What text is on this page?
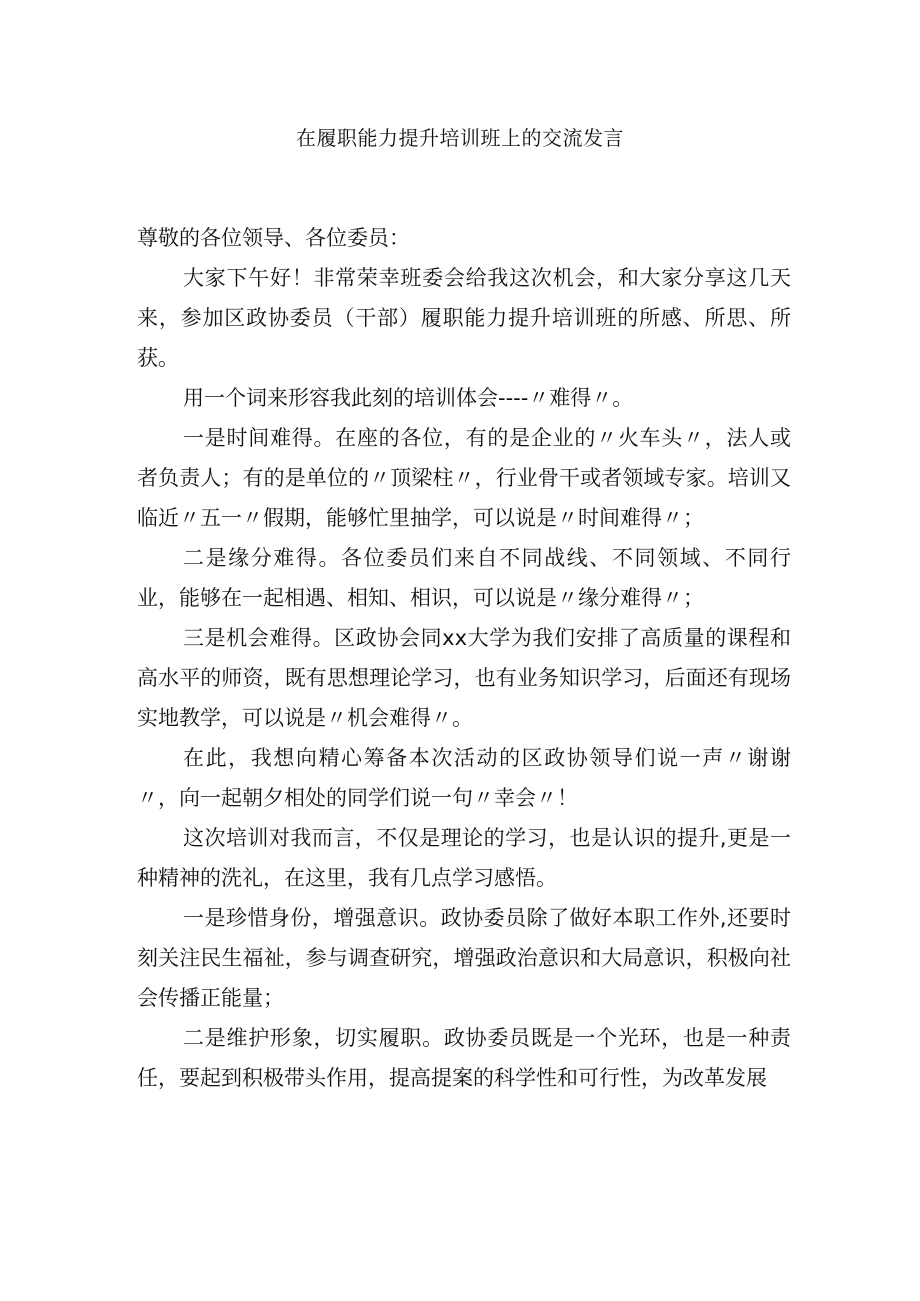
在履职能力提升培训班上的交流发言

尊敬的各位领导、各位委员：

大家下午好！非常荣幸班委会给我这次机会，和大家分享这几天来，参加区政协委员（干部）履职能力提升培训班的所感、所思、所获。

用一个词来形容我此刻的培训体会----〃难得〃。

一是时间难得。在座的各位，有的是企业的〃火车头〃，法人或者负责人；有的是单位的〃顶梁柱〃，行业骨干或者领域专家。培训又临近〃五一〃假期，能够忙里抽学，可以说是〃时间难得〃；

二是缘分难得。各位委员们来自不同战线、不同领域、不同行业，能够在一起相遇、相知、相识，可以说是〃缘分难得〃；

三是机会难得。区政协会同xx大学为我们安排了高质量的课程和高水平的师资，既有思想理论学习，也有业务知识学习，后面还有现场实地教学，可以说是〃机会难得〃。

在此，我想向精心筹备本次活动的区政协领导们说一声〃谢谢〃，向一起朝夕相处的同学们说一句〃幸会〃！

这次培训对我而言，不仅是理论的学习，也是认识的提升,更是一种精神的洗礼，在这里，我有几点学习感悟。

一是珍惜身份，增强意识。政协委员除了做好本职工作外,还要时刻关注民生福祉，参与调查研究，增强政治意识和大局意识，积极向社会传播正能量；

二是维护形象，切实履职。政协委员既是一个光环，也是一种责任，要起到积极带头作用，提高提案的科学性和可行性，为改革发展
